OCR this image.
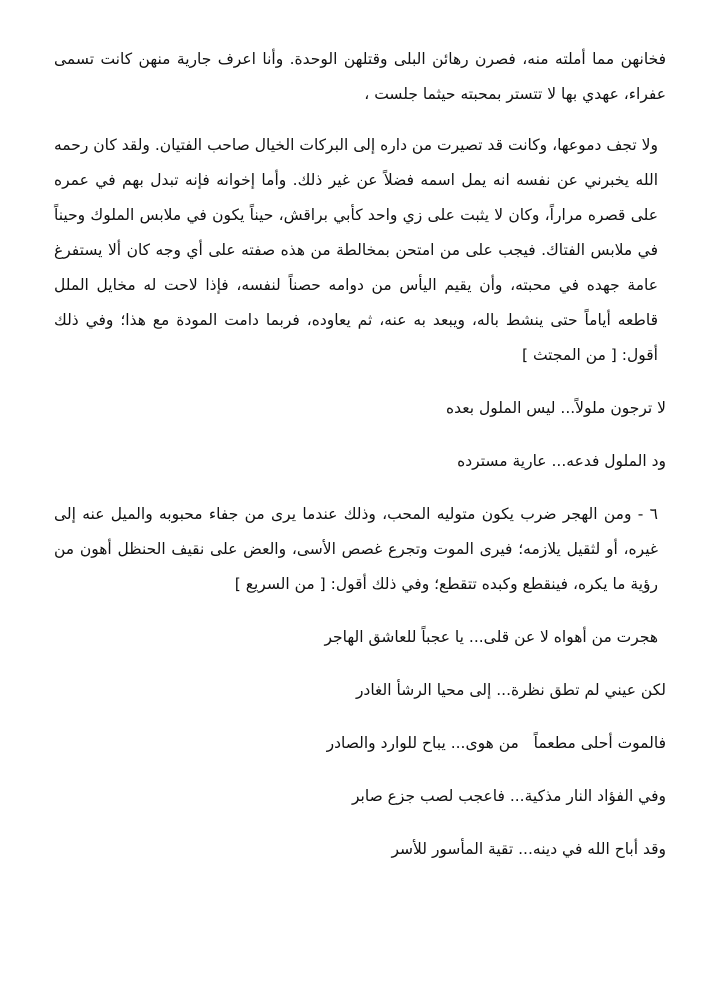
فخانهن مما أملته منه، فصرن رهائن البلى وقتلهن الوحدة. وأنا اعرف جارية منهن كانت تسمى عفراء، عهدي بها لا تتستر بمحبته حيثما جلست ،

ولا تجف دموعها، وكانت قد تصيرت من داره إلى البركات الخيال صاحب الفتيان. ولقد كان رحمه الله يخبرني عن نفسه انه يمل اسمه فضلاً عن غير ذلك. وأما إخوانه فإنه تبدل بهم في عمره على قصره مراراً، وكان لا يثبت على زي واحد كأبي براقش، حيناً يكون في ملابس الملوك وحيناً في ملابس الفتاك. فيجب على من امتحن بمخالطة من هذه صفته على أي وجه كان ألا يستفرغ عامة جهده في محبته، وأن يقيم اليأس من دوامه حصناً لنفسه، فإذا لاحت له مخايل الملل قاطعه أياماً حتى ينشط باله، ويبعد به عنه، ثم يعاوده، فربما دامت المودة مع هذا؛ وفي ذلك أقول: [ من المجتث ]

لا ترجون ملولاً... ليس الملول بعده

ود الملول فدعه... عارية مسترده

٦ - ومن الهجر ضرب يكون متوليه المحب، وذلك عندما يرى من جفاء محبوبه والميل عنه إلى غيره، أو لثقيل يلازمه؛ فيرى الموت وتجرع غصص الأسى، والعض على نقيف الحنظل أهون من رؤية ما يكره، فينقطع وكبده تتقطع؛ وفي ذلك أقول: [ من السريع ]

هجرت من أهواه لا عن قلى... يا عجباً للعاشق الهاجر

لكن عيني لم تطق نظرة... إلى محيا الرشأ الغادر

فالموت أحلى مطعماً   من هوى... يباح للوارد والصادر

وفي الفؤاد النار مذكية... فاعجب لصب جزع صابر

وقد أباح الله في دينه... تقية المأسور للأسر
